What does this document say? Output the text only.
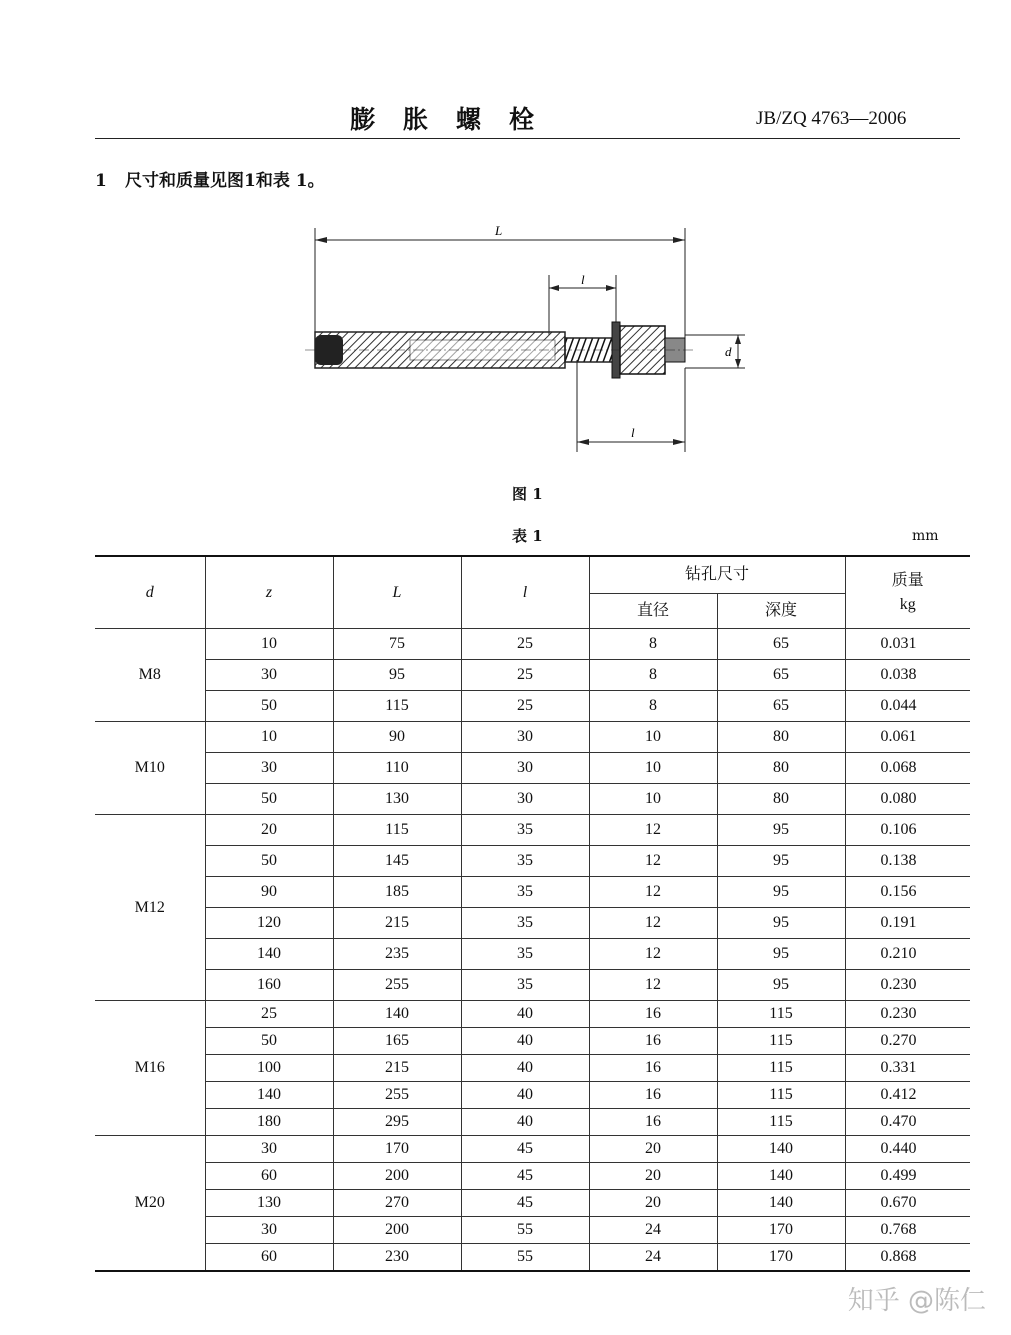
膨胀螺栓	JB/ZQ 4763—2006
1 尺寸和质量见图1和表 1。
L
l
d
l
图 1
表 1	mm
d	z	L	l	钻孔尺寸		质量
kg

				直径	深度	
M8	10	75	25	8	65	0.031
	30	95	25	8	65	0.038
	50	115	25	8	65	0.044
M10	10	90	30	10	80	0.061
	30	110	30	10	80	0.068
	50	130	30	10	80	0.080
M12	20	115	35	12	95	0.106
	50	145	35	12	95	0.138
	90	185	35	12	95	0.156
	120	215	35	12	95	0.191
	140	235	35	12	95	0.210
	160	255	35	12	95	0.230
M16	25	140	40	16	115	0.230
	50	165	40	16	115	0.270
	100	215	40	16	115	0.331
	140	255	40	16	115	0.412
	180	295	40	16	115	0.470
M20	30	170	45	20	140	0.440
	60	200	45	20	140	0.499
	130	270	45	20	140	0.670
	30	200	55	24	170	0.768
	60	230	55	24	170	0.868
知乎 @陈仁
